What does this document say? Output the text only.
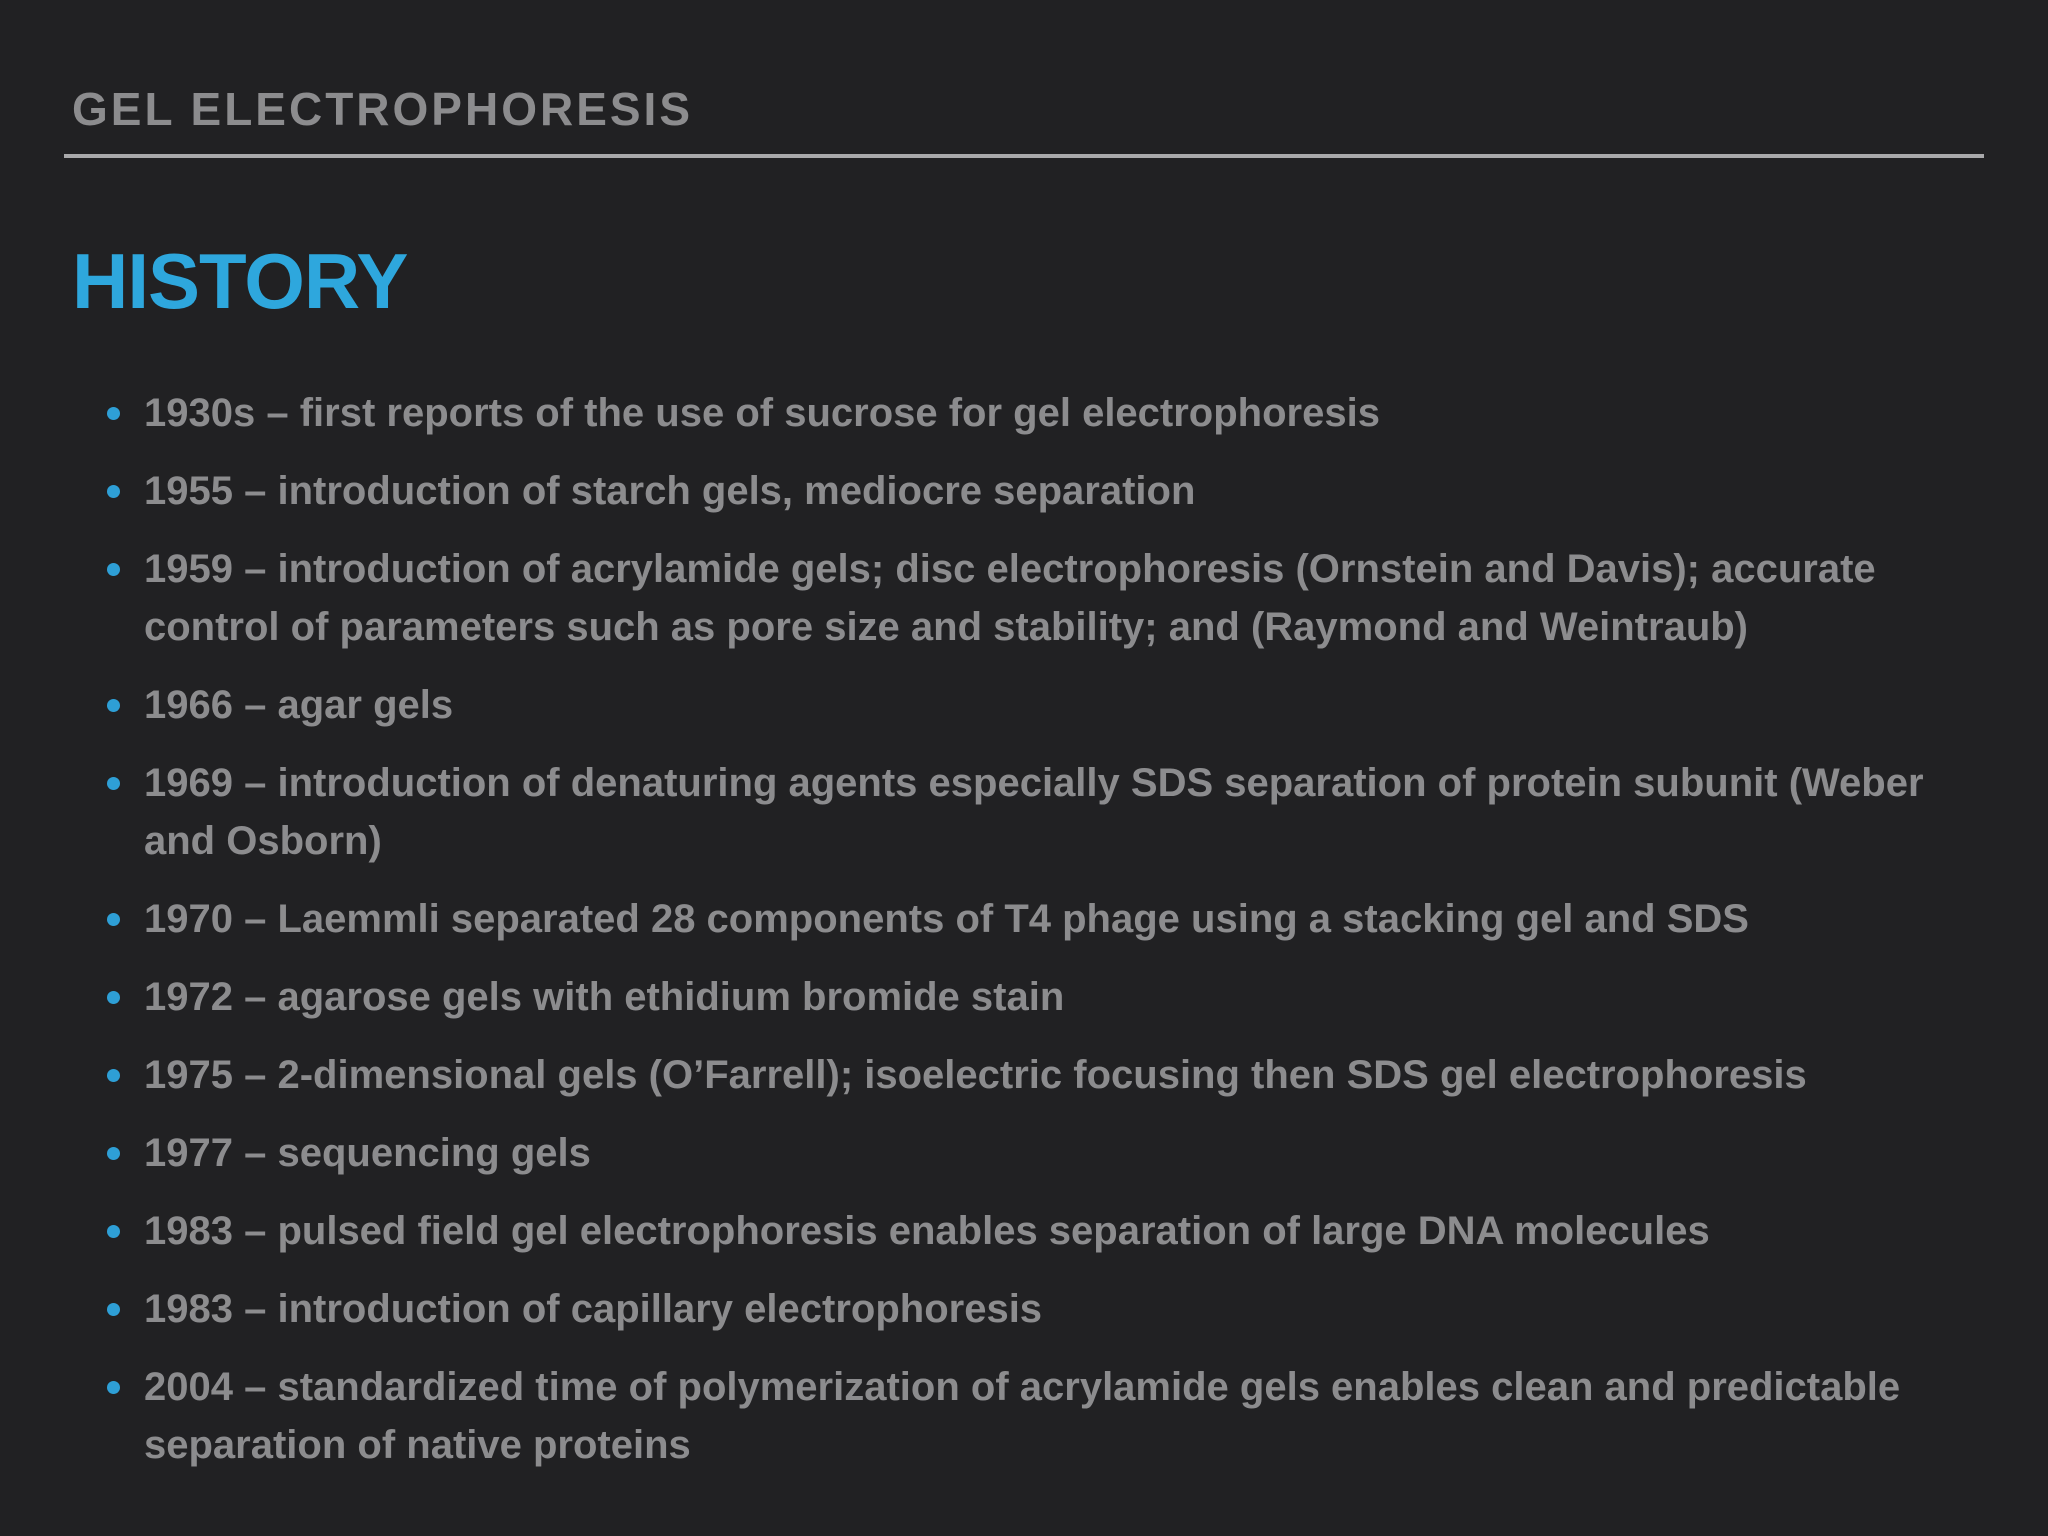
GEL ELECTROPHORESIS
HISTORY
1930s – first reports of the use of sucrose for gel electrophoresis
1955 – introduction of starch gels, mediocre separation
1959 – introduction of acrylamide gels; disc electrophoresis (Ornstein and Davis); accurate control of parameters such as pore size and stability; and (Raymond and Weintraub)
1966 – agar gels
1969 – introduction of denaturing agents especially SDS separation of protein subunit (Weber and Osborn)
1970 – Laemmli separated 28 components of T4 phage using a stacking gel and SDS
1972 – agarose gels with ethidium bromide stain
1975 – 2-dimensional gels (O’Farrell); isoelectric focusing then SDS gel electrophoresis
1977 – sequencing gels
1983 – pulsed field gel electrophoresis enables separation of large DNA molecules
1983 – introduction of capillary electrophoresis
2004 – standardized time of polymerization of acrylamide gels enables clean and predictable separation of native proteins
